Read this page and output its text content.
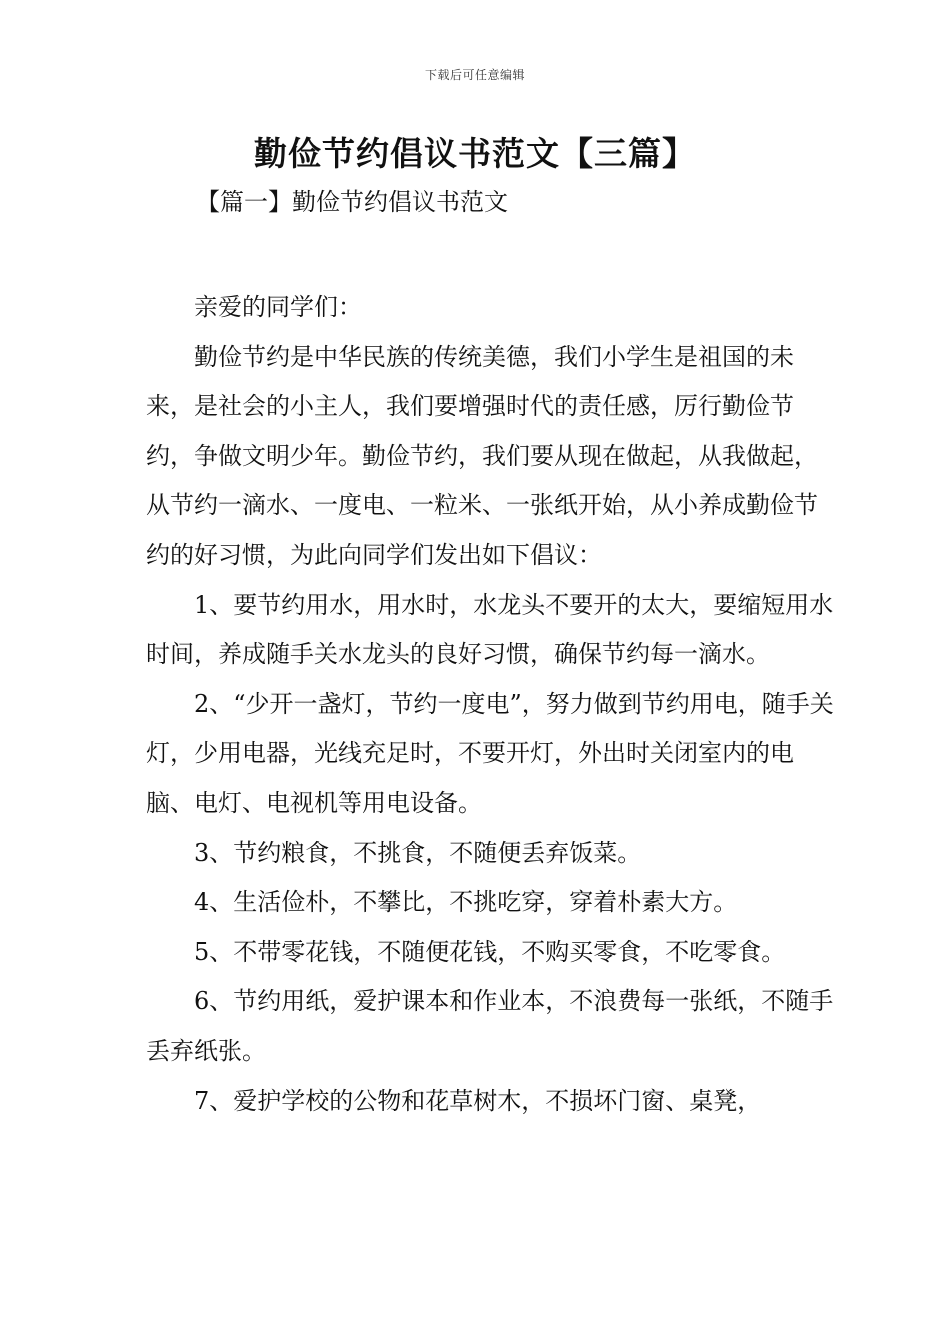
下载后可任意编辑
勤俭节约倡议书范文【三篇】
【篇一】勤俭节约倡议书范文

亲爱的同学们：

勤俭节约是中华民族的传统美德，我们小学生是祖国的未来，是社会的小主人，我们要增强时代的责任感，厉行勤俭节约，争做文明少年。勤俭节约，我们要从现在做起，从我做起，从节约一滴水、一度电、一粒米、一张纸开始，从小养成勤俭节约的好习惯，为此向同学们发出如下倡议：

1、要节约用水，用水时，水龙头不要开的太大，要缩短用水时间，养成随手关水龙头的良好习惯，确保节约每一滴水。

2、“少开一盏灯，节约一度电”，努力做到节约用电，随手关灯，少用电器，光线充足时，不要开灯，外出时关闭室内的电脑、电灯、电视机等用电设备。

3、节约粮食，不挑食，不随便丢弃饭菜。

4、生活俭朴，不攀比，不挑吃穿，穿着朴素大方。

5、不带零花钱，不随便花钱，不购买零食，不吃零食。

6、节约用纸，爱护课本和作业本，不浪费每一张纸，不随手丢弃纸张。

7、爱护学校的公物和花草树木，不损坏门窗、桌凳，
